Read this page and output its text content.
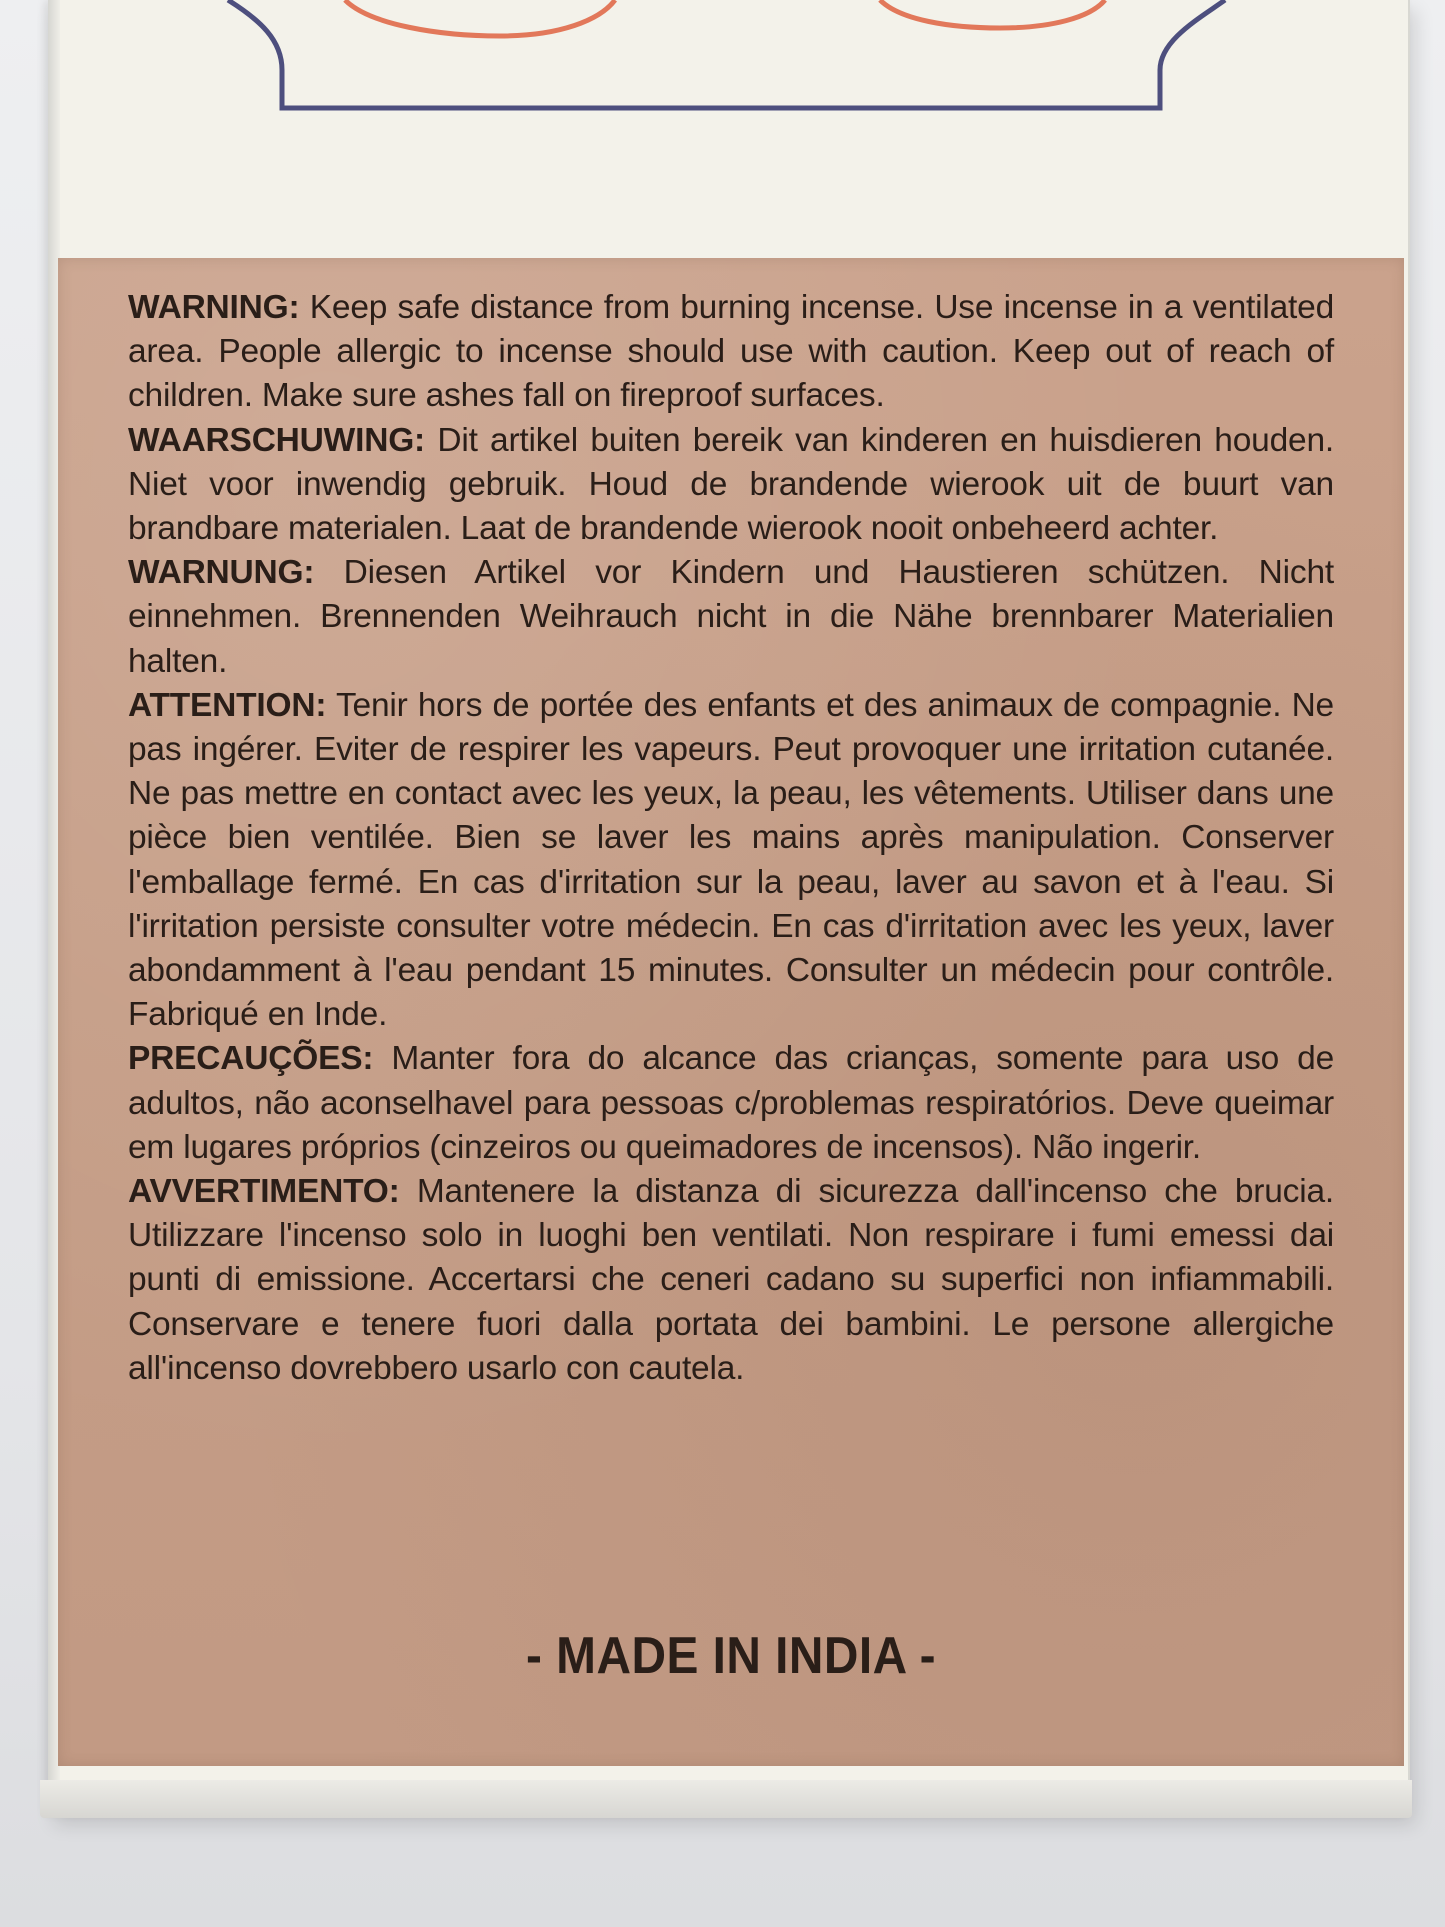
WARNING: Keep safe distance from burning incense. Use incense in a ventilated area. People allergic to incense should use with caution. Keep out of reach of children. Make sure ashes fall on fireproof surfaces.

WAARSCHUWING: Dit artikel buiten bereik van kinderen en huisdieren houden. Niet voor inwendig gebruik. Houd de brandende wierook uit de buurt van brandbare materialen. Laat de brandende wierook nooit onbeheerd achter.

WARNUNG: Diesen Artikel vor Kindern und Haustieren schützen. Nicht einnehmen. Brennenden Weihrauch nicht in die Nähe brennbarer Materialien halten.

ATTENTION: Tenir hors de portée des enfants et des animaux de compagnie. Ne pas ingérer. Eviter de respirer les vapeurs. Peut provoquer une irritation cutanée. Ne pas mettre en contact avec les yeux, la peau, les vêtements. Utiliser dans une pièce bien ventilée. Bien se laver les mains après manipulation. Conserver l'emballage fermé. En cas d'irritation sur la peau, laver au savon et à l'eau. Si l'irritation persiste consulter votre médecin. En cas d'irritation avec les yeux, laver abondamment à l'eau pendant 15 minutes. Consulter un médecin pour contrôle. Fabriqué en Inde.

PRECAUÇÕES: Manter fora do alcance das crianças, somente para uso de adultos, não aconselhavel para pessoas c/problemas respiratórios. Deve queimar em lugares próprios (cinzeiros ou queimadores de incensos). Não ingerir.

AVVERTIMENTO: Mantenere la distanza di sicurezza dall'incenso che brucia. Utilizzare l'incenso solo in luoghi ben ventilati. Non respirare i fumi emessi dai punti di emissione. Accertarsi che ceneri cadano su superfici non infiammabili. Conservare e tenere fuori dalla portata dei bambini. Le persone allergiche all'incenso dovrebbero usarlo con cautela.

- MADE IN INDIA -
